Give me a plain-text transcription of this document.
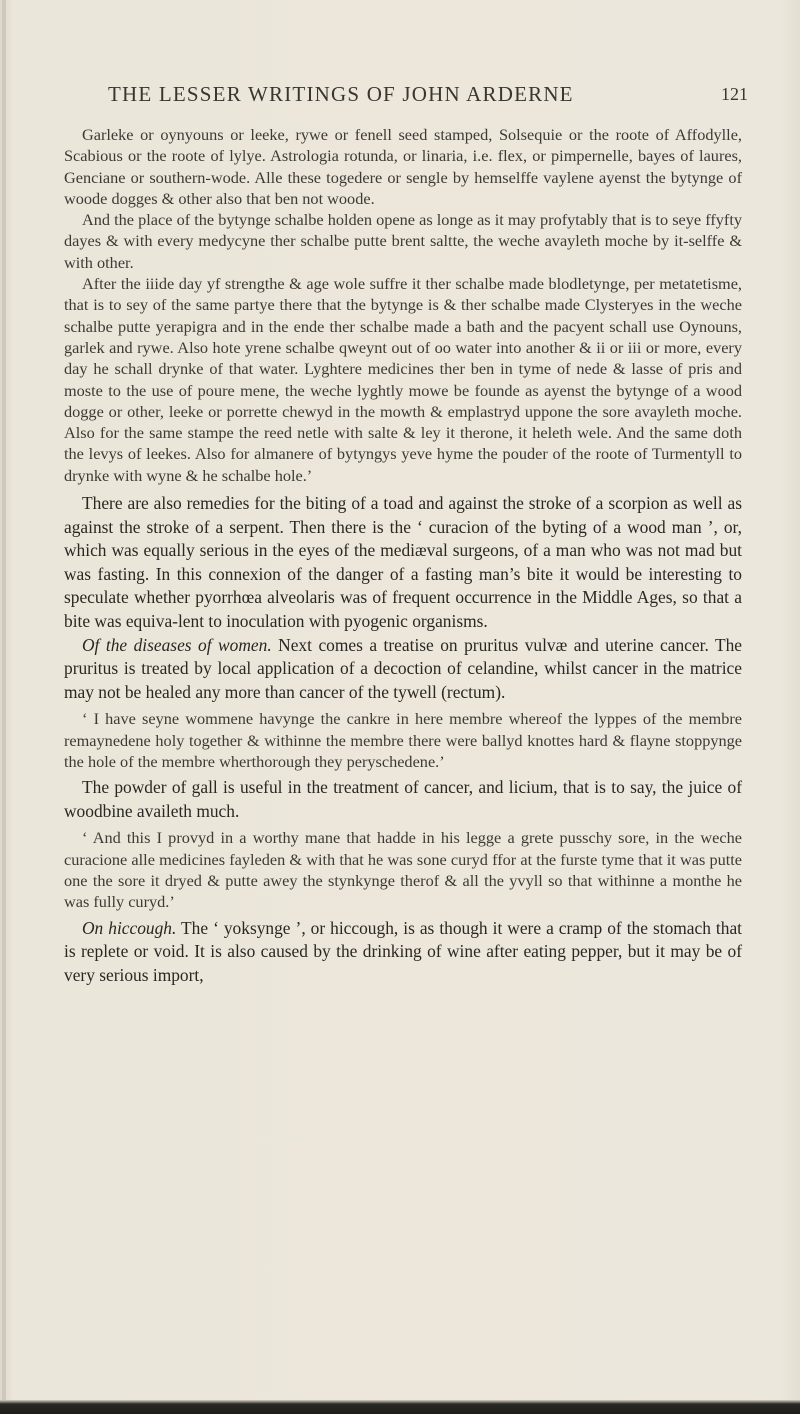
THE LESSER WRITINGS OF JOHN ARDERNE	121

Garleke or oynyouns or leeke, rywe or fenell seed stamped, Solsequie or the roote of Affodylle, Scabious or the roote of lylye. Astrologia rotunda, or linaria, i.e. flex, or pimpernelle, bayes of laures, Genciane or southern-wode. Alle these togedere or sengle by hemselffe vaylene ayenst the bytynge of woode dogges & other also that ben not woode.

And the place of the bytynge schalbe holden opene as longe as it may profytably that is to seye ffyfty dayes & with every medycyne ther schalbe putte brent saltte, the weche avayleth moche by it-selffe & with other.

After the iiide day yf strengthe & age wole suffre it ther schalbe made blodletynge, per metatetisme, that is to sey of the same partye there that the bytynge is & ther schalbe made Clysteryes in the weche schalbe putte yerapigra and in the ende ther schalbe made a bath and the pacyent schall use Oynouns, garlek and rywe. Also hote yrene schalbe qweynt out of oo water into another & ii or iii or more, every day he schall drynke of that water. Lyghtere medicines ther ben in tyme of nede & lasse of pris and moste to the use of poure mene, the weche lyghtly mowe be founde as ayenst the bytynge of a wood dogge or other, leeke or porrette chewyd in the mowth & emplastryd uppone the sore avayleth moche. Also for the same stampe the reed netle with salte & ley it therone, it heleth wele. And the same doth the levys of leekes. Also for almanere of bytyngys yeve hyme the pouder of the roote of Turmentyll to drynke with wyne & he schalbe hole.’

There are also remedies for the biting of a toad and against the stroke of a scorpion as well as against the stroke of a serpent. Then there is the ‘ curacion of the byting of a wood man ’, or, which was equally serious in the eyes of the mediæval surgeons, of a man who was not mad but was fasting. In this connexion of the danger of a fasting man’s bite it would be interesting to speculate whether pyorrhœa alveolaris was of frequent occurrence in the Middle Ages, so that a bite was equiva-lent to inoculation with pyogenic organisms.

Of the diseases of women. Next comes a treatise on pruritus vulvæ and uterine cancer. The pruritus is treated by local application of a decoction of celandine, whilst cancer in the matrice may not be healed any more than cancer of the tywell (rectum).

‘ I have seyne wommene havynge the cankre in here membre whereof the lyppes of the membre remaynedene holy together & withinne the membre there were ballyd knottes hard & flayne stoppynge the hole of the membre wherthorough they peryschedene.’

The powder of gall is useful in the treatment of cancer, and licium, that is to say, the juice of woodbine availeth much.

‘ And this I provyd in a worthy mane that hadde in his legge a grete pusschy sore, in the weche curacione alle medicines fayleden & with that he was sone curyd ffor at the furste tyme that it was putte one the sore it dryed & putte awey the stynkynge therof & all the yvyll so that withinne a monthe he was fully curyd.’

On hiccough. The ‘ yoksynge ’, or hiccough, is as though it were a cramp of the stomach that is replete or void. It is also caused by the drinking of wine after eating pepper, but it may be of very serious import,
